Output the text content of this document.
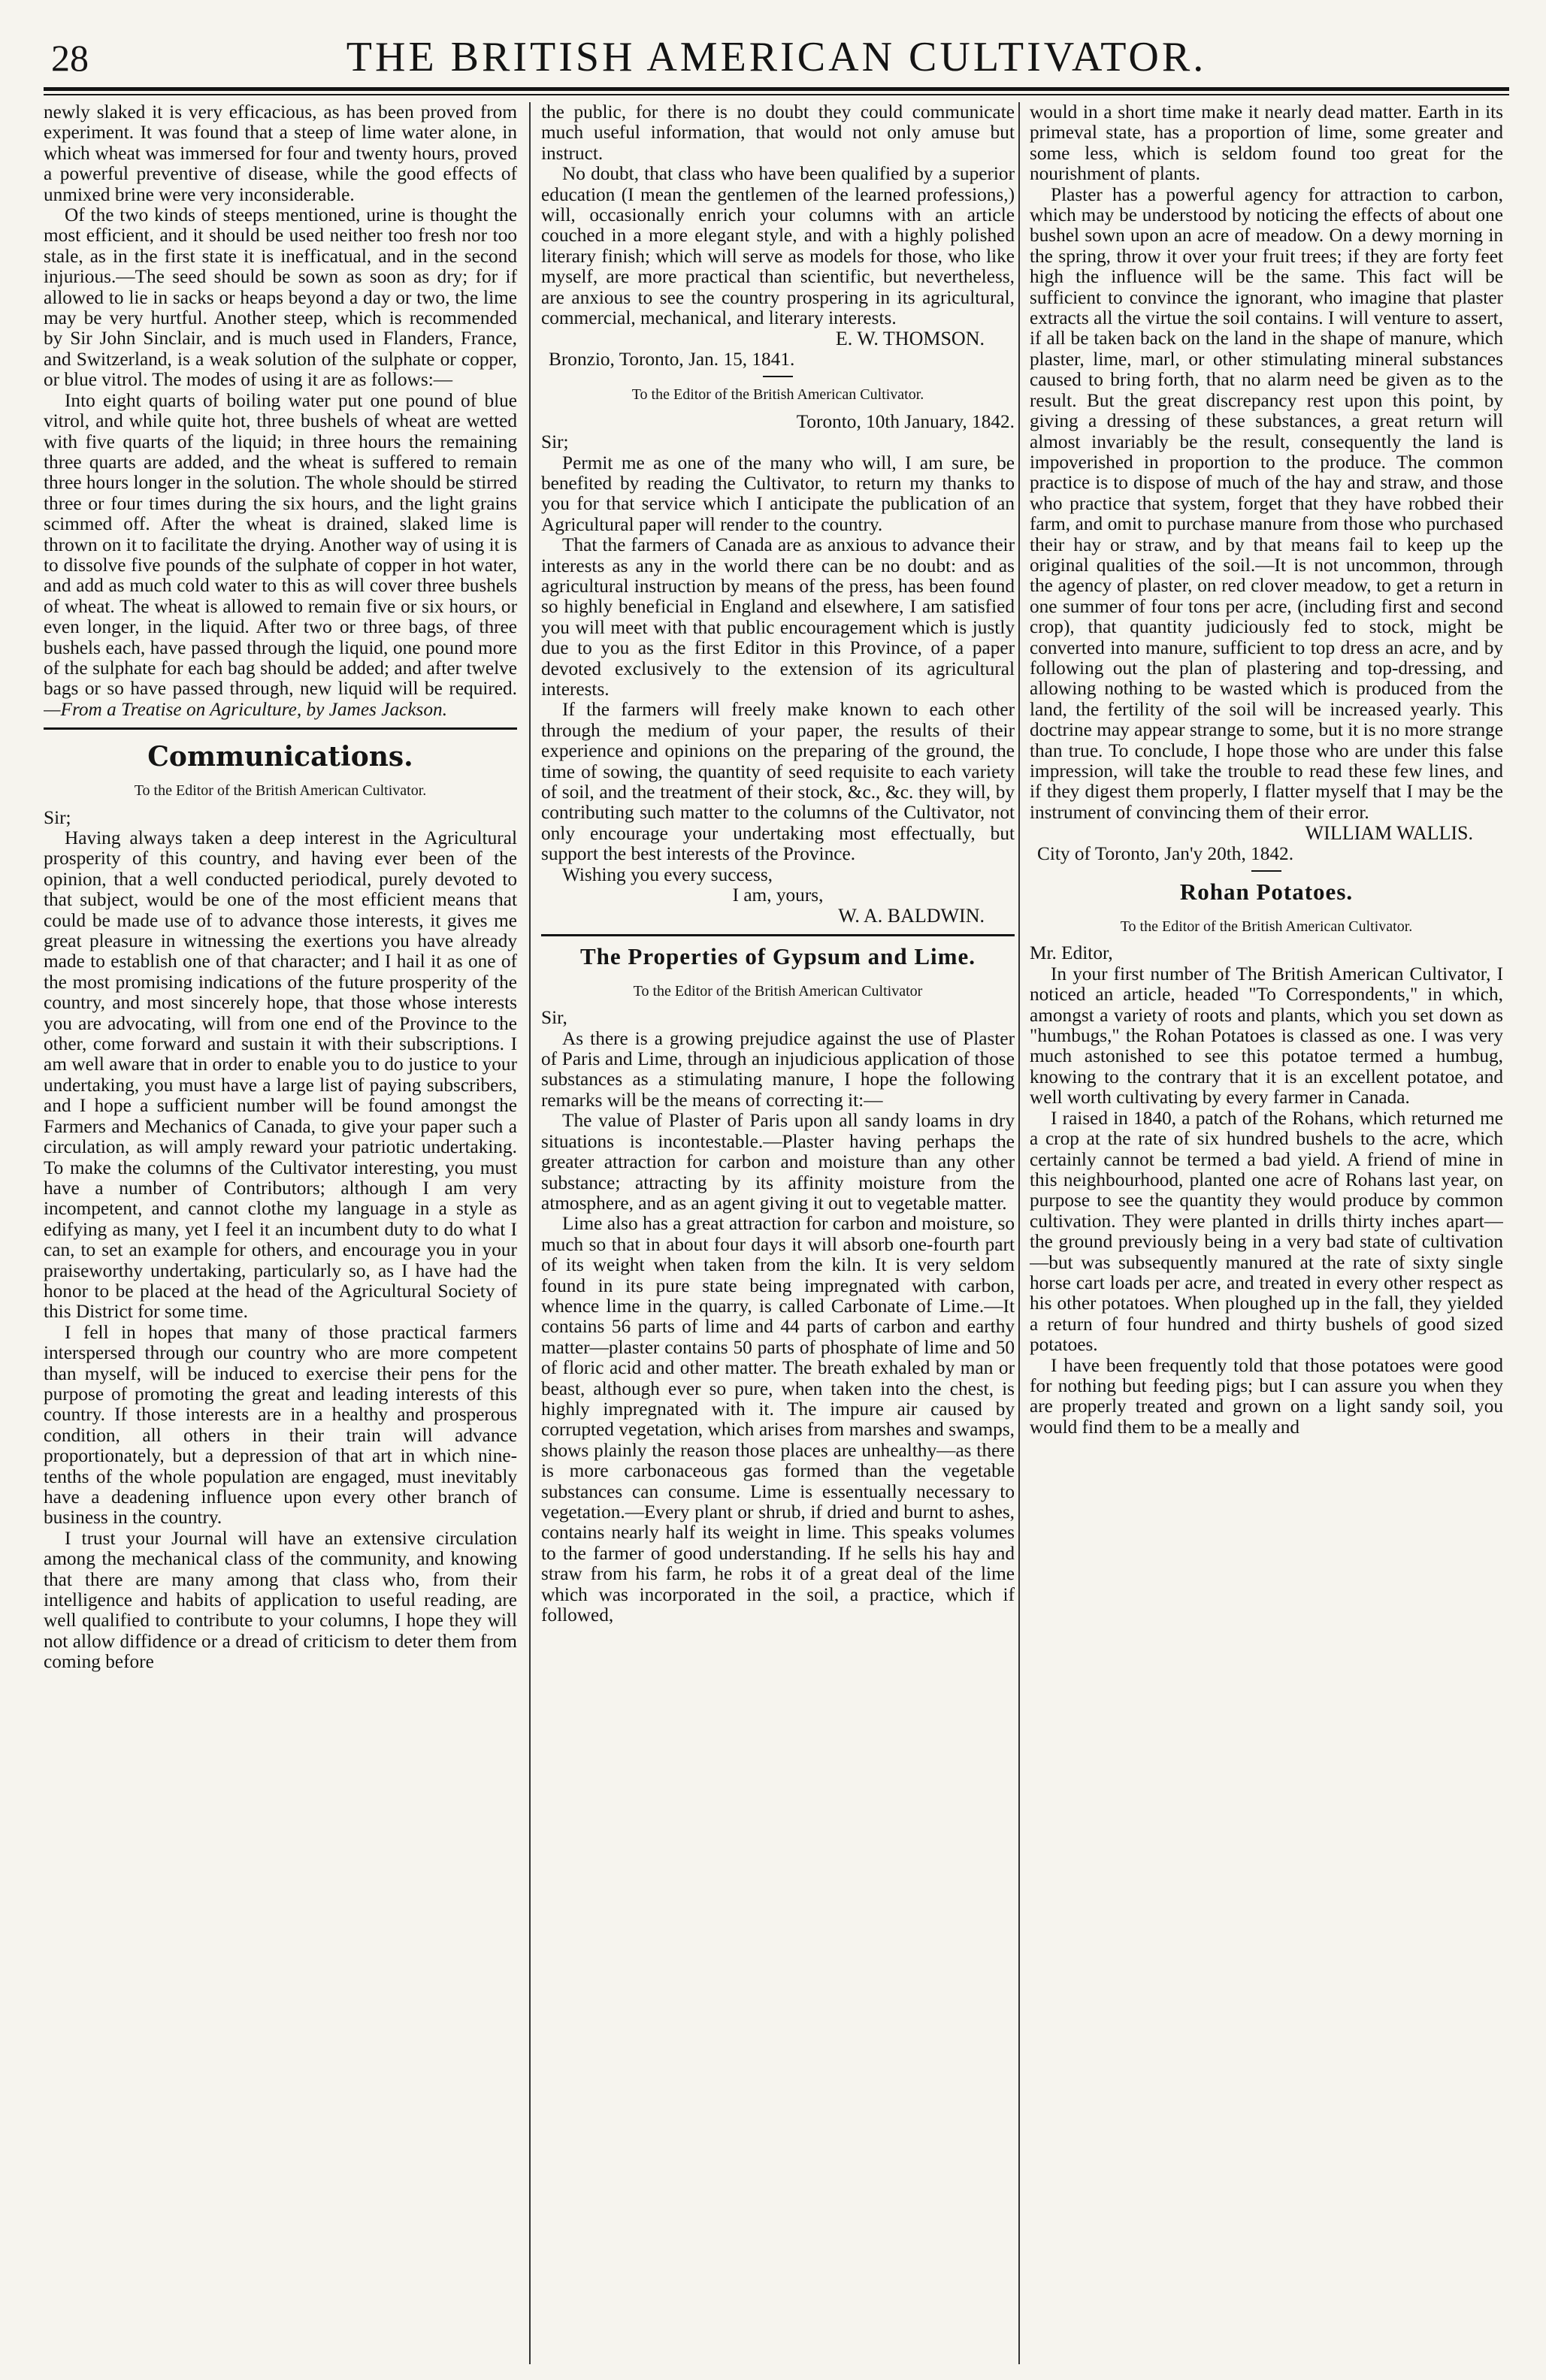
28	THE BRITISH AMERICAN CULTIVATOR.

newly slaked it is very efficacious, as has been proved from experiment. It was found that a steep of lime water alone, in which wheat was immersed for four and twenty hours, proved a powerful preventive of disease, while the good effects of unmixed brine were very inconsiderable.

Of the two kinds of steeps mentioned, urine is thought the most efficient, and it should be used neither too fresh nor too stale, as in the first state it is inefficatual, and in the second injurious.—The seed should be sown as soon as dry; for if allowed to lie in sacks or heaps beyond a day or two, the lime may be very hurtful. Another steep, which is recommended by Sir John Sinclair, and is much used in Flanders, France, and Switzerland, is a weak solution of the sulphate or copper, or blue vitrol. The modes of using it are as follows:—

Into eight quarts of boiling water put one pound of blue vitrol, and while quite hot, three bushels of wheat are wetted with five quarts of the liquid; in three hours the remaining three quarts are added, and the wheat is suffered to remain three hours longer in the solution. The whole should be stirred three or four times during the six hours, and the light grains scimmed off. After the wheat is drained, slaked lime is thrown on it to facilitate the drying. Another way of using it is to dissolve five pounds of the sulphate of copper in hot water, and add as much cold water to this as will cover three bushels of wheat. The wheat is allowed to remain five or six hours, or even longer, in the liquid. After two or three bags, of three bushels each, have passed through the liquid, one pound more of the sulphate for each bag should be added; and after twelve bags or so have passed through, new liquid will be required.—From a Treatise on Agriculture, by James Jackson.

Communications.
To the Editor of the British American Cultivator.

Sir;

Having always taken a deep interest in the Agricultural prosperity of this country, and having ever been of the opinion, that a well conducted periodical, purely devoted to that subject, would be one of the most efficient means that could be made use of to advance those interests, it gives me great pleasure in witnessing the exertions you have already made to establish one of that character; and I hail it as one of the most promising indications of the future prosperity of the country, and most sincerely hope, that those whose interests you are advocating, will from one end of the Province to the other, come forward and sustain it with their subscriptions. I am well aware that in order to enable you to do justice to your undertaking, you must have a large list of paying subscribers, and I hope a sufficient number will be found amongst the Farmers and Mechanics of Canada, to give your paper such a circulation, as will amply reward your patriotic undertaking. To make the columns of the Cultivator interesting, you must have a number of Contributors; although I am very incompetent, and cannot clothe my language in a style as edifying as many, yet I feel it an incumbent duty to do what I can, to set an example for others, and encourage you in your praiseworthy undertaking, particularly so, as I have had the honor to be placed at the head of the Agricultural Society of this District for some time.

I fell in hopes that many of those practical farmers interspersed through our country who are more competent than myself, will be induced to exercise their pens for the purpose of promoting the great and leading interests of this country. If those interests are in a healthy and prosperous condition, all others in their train will advance proportionately, but a depression of that art in which nine-tenths of the whole population are engaged, must inevitably have a deadening influence upon every other branch of business in the country.

I trust your Journal will have an extensive circulation among the mechanical class of the community, and knowing that there are many among that class who, from their intelligence and habits of application to useful reading, are well qualified to contribute to your columns, I hope they will not allow diffidence or a dread of criticism to deter them from coming before

the public, for there is no doubt they could communicate much useful information, that would not only amuse but instruct.

No doubt, that class who have been qualified by a superior education (I mean the gentlemen of the learned professions,) will, occasionally enrich your columns with an article couched in a more elegant style, and with a highly polished literary finish; which will serve as models for those, who like myself, are more practical than scientific, but nevertheless, are anxious to see the country prospering in its agricultural, commercial, mechanical, and literary interests.

E. W. THOMSON.

Bronzio, Toronto, Jan. 15, 1841.

To the Editor of the British American Cultivator.

Toronto, 10th January, 1842.

Sir;

Permit me as one of the many who will, I am sure, be benefited by reading the Cultivator, to return my thanks to you for that service which I anticipate the publication of an Agricultural paper will render to the country.

That the farmers of Canada are as anxious to advance their interests as any in the world there can be no doubt: and as agricultural instruction by means of the press, has been found so highly beneficial in England and elsewhere, I am satisfied you will meet with that public encouragement which is justly due to you as the first Editor in this Province, of a paper devoted exclusively to the extension of its agricultural interests.

If the farmers will freely make known to each other through the medium of your paper, the results of their experience and opinions on the preparing of the ground, the time of sowing, the quantity of seed requisite to each variety of soil, and the treatment of their stock, &c., &c. they will, by contributing such matter to the columns of the Cultivator, not only encourage your undertaking most effectually, but support the best interests of the Province.

Wishing you every success,

I am, yours,

W. A. BALDWIN.

The Properties of Gypsum and Lime.
To the Editor of the British American Cultivator

Sir,

As there is a growing prejudice against the use of Plaster of Paris and Lime, through an injudicious application of those substances as a stimulating manure, I hope the following remarks will be the means of correcting it:—

The value of Plaster of Paris upon all sandy loams in dry situations is incontestable.—Plaster having perhaps the greater attraction for carbon and moisture than any other substance; attracting by its affinity moisture from the atmosphere, and as an agent giving it out to vegetable matter.

Lime also has a great attraction for carbon and moisture, so much so that in about four days it will absorb one-fourth part of its weight when taken from the kiln. It is very seldom found in its pure state being impregnated with carbon, whence lime in the quarry, is called Carbonate of Lime.—It contains 56 parts of lime and 44 parts of carbon and earthy matter—plaster contains 50 parts of phosphate of lime and 50 of floric acid and other matter. The breath exhaled by man or beast, although ever so pure, when taken into the chest, is highly impregnated with it. The impure air caused by corrupted vegetation, which arises from marshes and swamps, shows plainly the reason those places are unhealthy—as there is more carbonaceous gas formed than the vegetable substances can consume. Lime is essentually necessary to vegetation.—Every plant or shrub, if dried and burnt to ashes, contains nearly half its weight in lime. This speaks volumes to the farmer of good understanding. If he sells his hay and straw from his farm, he robs it of a great deal of the lime which was incorporated in the soil, a practice, which if followed,

would in a short time make it nearly dead matter. Earth in its primeval state, has a proportion of lime, some greater and some less, which is seldom found too great for the nourishment of plants.

Plaster has a powerful agency for attraction to carbon, which may be understood by noticing the effects of about one bushel sown upon an acre of meadow. On a dewy morning in the spring, throw it over your fruit trees; if they are forty feet high the influence will be the same. This fact will be sufficient to convince the ignorant, who imagine that plaster extracts all the virtue the soil contains. I will venture to assert, if all be taken back on the land in the shape of manure, which plaster, lime, marl, or other stimulating mineral substances caused to bring forth, that no alarm need be given as to the result. But the great discrepancy rest upon this point, by giving a dressing of these substances, a great return will almost invariably be the result, consequently the land is impoverished in proportion to the produce. The common practice is to dispose of much of the hay and straw, and those who practice that system, forget that they have robbed their farm, and omit to purchase manure from those who purchased their hay or straw, and by that means fail to keep up the original qualities of the soil.—It is not uncommon, through the agency of plaster, on red clover meadow, to get a return in one summer of four tons per acre, (including first and second crop), that quantity judiciously fed to stock, might be converted into manure, sufficient to top dress an acre, and by following out the plan of plastering and top-dressing, and allowing nothing to be wasted which is produced from the land, the fertility of the soil will be increased yearly. This doctrine may appear strange to some, but it is no more strange than true. To conclude, I hope those who are under this false impression, will take the trouble to read these few lines, and if they digest them properly, I flatter myself that I may be the instrument of convincing them of their error.

WILLIAM WALLIS.

City of Toronto, Jan'y 20th, 1842.

Rohan Potatoes.
To the Editor of the British American Cultivator.

Mr. Editor,

In your first number of The British American Cultivator, I noticed an article, headed "To Correspondents," in which, amongst a variety of roots and plants, which you set down as "humbugs," the Rohan Potatoes is classed as one. I was very much astonished to see this potatoe termed a humbug, knowing to the contrary that it is an excellent potatoe, and well worth cultivating by every farmer in Canada.

I raised in 1840, a patch of the Rohans, which returned me a crop at the rate of six hundred bushels to the acre, which certainly cannot be termed a bad yield. A friend of mine in this neighbourhood, planted one acre of Rohans last year, on purpose to see the quantity they would produce by common cultivation. They were planted in drills thirty inches apart—the ground previously being in a very bad state of cultivation—but was subsequently manured at the rate of sixty single horse cart loads per acre, and treated in every other respect as his other potatoes. When ploughed up in the fall, they yielded a return of four hundred and thirty bushels of good sized potatoes.

I have been frequently told that those potatoes were good for nothing but feeding pigs; but I can assure you when they are properly treated and grown on a light sandy soil, you would find them to be a meally and
